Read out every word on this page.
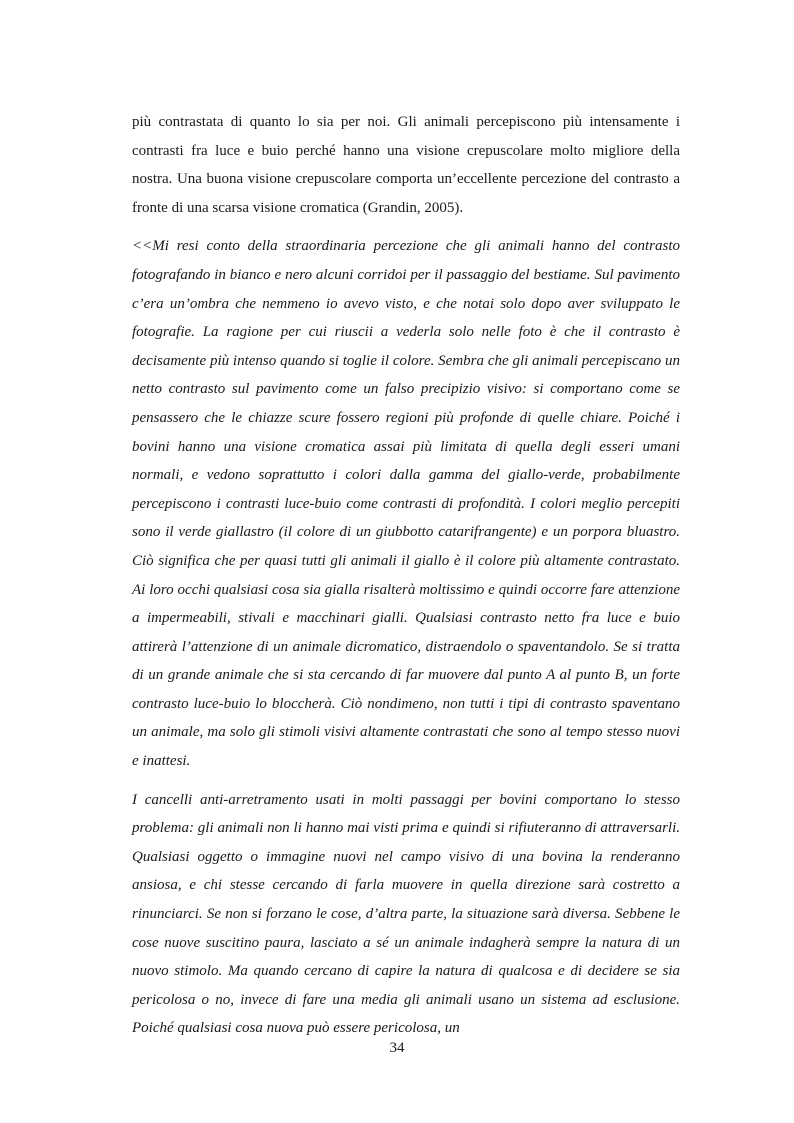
più contrastata di quanto lo sia per noi. Gli animali percepiscono più intensamente i contrasti fra luce e buio perché hanno una visione crepuscolare molto migliore della nostra. Una buona visione crepuscolare comporta un’eccellente percezione del contrasto a fronte di una scarsa visione cromatica (Grandin, 2005).

<<Mi resi conto della straordinaria percezione che gli animali hanno del contrasto fotografando in bianco e nero alcuni corridoi per il passaggio del bestiame. Sul pavimento c’era un’ombra che nemmeno io avevo visto, e che notai solo dopo aver sviluppato le fotografie. La ragione per cui riuscii a vederla solo nelle foto è che il contrasto è decisamente più intenso quando si toglie il colore. Sembra che gli animali percepiscano un netto contrasto sul pavimento come un falso precipizio visivo: si comportano come se pensassero che le chiazze scure fossero regioni più profonde di quelle chiare. Poiché i bovini hanno una visione cromatica assai più limitata di quella degli esseri umani normali, e vedono soprattutto i colori dalla gamma del giallo-verde, probabilmente percepiscono i contrasti luce-buio come contrasti di profondità. I colori meglio percepiti sono il verde giallastro (il colore di un giubbotto catarifrangente) e un porpora bluastro. Ciò significa che per quasi tutti gli animali il giallo è il colore più altamente contrastato. Ai loro occhi qualsiasi cosa sia gialla risalterà moltissimo e quindi occorre fare attenzione a impermeabili, stivali e macchinari gialli. Qualsiasi contrasto netto fra luce e buio attirerà l’attenzione di un animale dicromatico, distraendolo o spaventandolo. Se si tratta di un grande animale che si sta cercando di far muovere dal punto A al punto B, un forte contrasto luce-buio lo bloccherà. Ciò nondimeno, non tutti i tipi di contrasto spaventano un animale, ma solo gli stimoli visivi altamente contrastati che sono al tempo stesso nuovi e inattesi.

I cancelli anti-arretramento usati in molti passaggi per bovini comportano lo stesso problema: gli animali non li hanno mai visti prima e quindi si rifiuteranno di attraversarli. Qualsiasi oggetto o immagine nuovi nel campo visivo di una bovina la renderanno ansiosa, e chi stesse cercando di farla muovere in quella direzione sarà costretto a rinunciarci. Se non si forzano le cose, d’altra parte, la situazione sarà diversa. Sebbene le cose nuove suscitino paura, lasciato a sé un animale indagherà sempre la natura di un nuovo stimolo. Ma quando cercano di capire la natura di qualcosa e di decidere se sia pericolosa o no, invece di fare una media gli animali usano un sistema ad esclusione. Poiché qualsiasi cosa nuova può essere pericolosa, un

34
